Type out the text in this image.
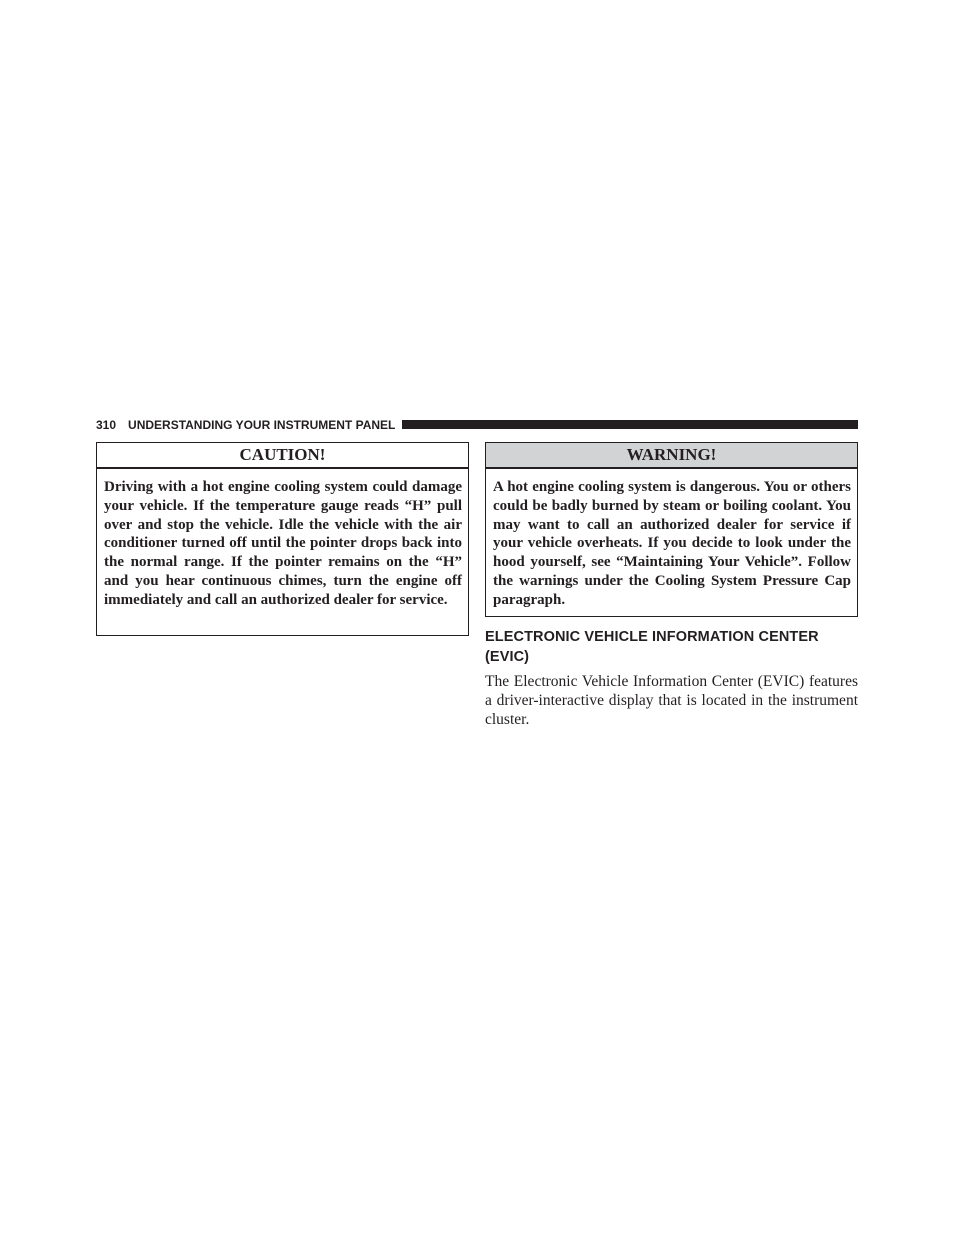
310 UNDERSTANDING YOUR INSTRUMENT PANEL
CAUTION!
Driving with a hot engine cooling system could damage your vehicle. If the temperature gauge reads “H” pull over and stop the vehicle. Idle the vehicle with the air conditioner turned off until the pointer drops back into the normal range. If the pointer remains on the “H” and you hear continuous chimes, turn the engine off immediately and call an authorized dealer for service.
WARNING!
A hot engine cooling system is dangerous. You or others could be badly burned by steam or boiling coolant. You may want to call an authorized dealer for service if your vehicle overheats. If you decide to look under the hood yourself, see “Maintaining Your Vehicle”. Follow the warnings under the Cooling System Pressure Cap paragraph.
ELECTRONIC VEHICLE INFORMATION CENTER (EVIC)
The Electronic Vehicle Information Center (EVIC) features a driver-interactive display that is located in the instrument cluster.
